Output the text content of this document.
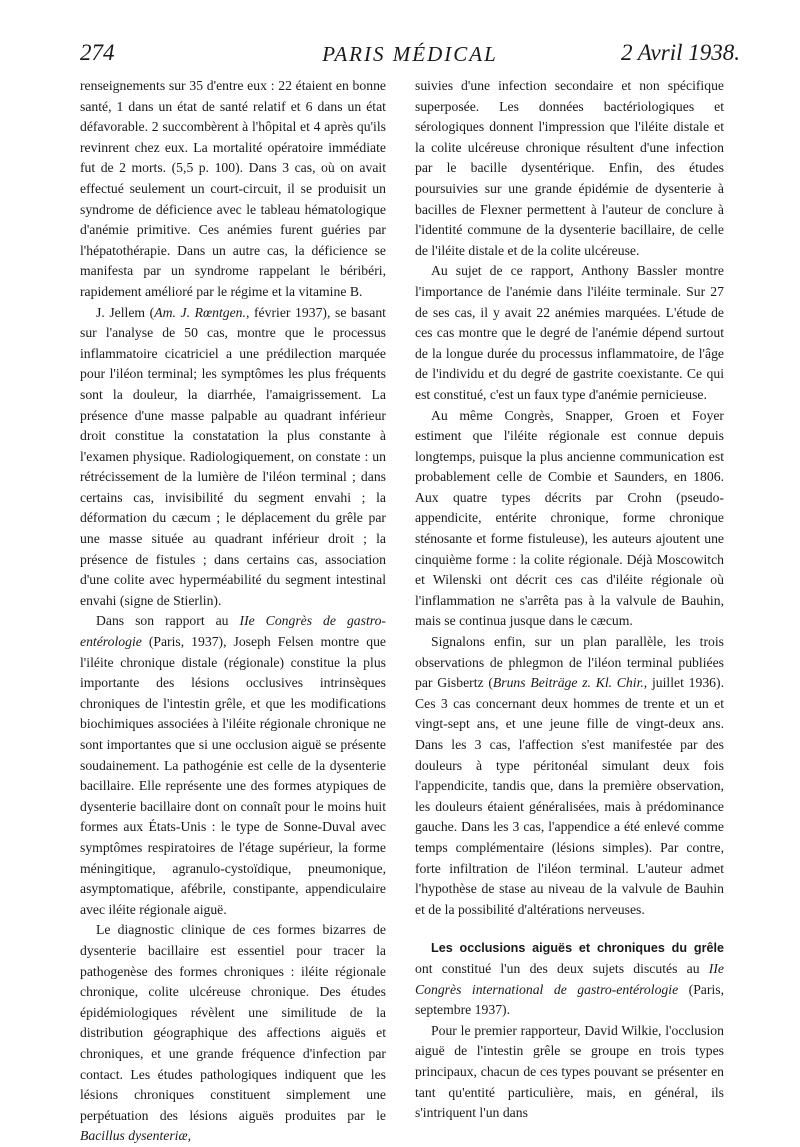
274	PARIS MÉDICAL	2 Avril 1938.

renseignements sur 35 d'entre eux : 22 étaient en bonne santé, 1 dans un état de santé relatif et 6 dans un état défavorable. 2 succombèrent à l'hôpital et 4 après qu'ils revinrent chez eux. La mortalité opératoire immédiate fut de 2 morts. (5,5 p. 100). Dans 3 cas, où on avait effectué seulement un court-circuit, il se produisit un syndrome de déficience avec le tableau hématologique d'anémie primitive. Ces anémies furent guéries par l'hépatothérapie. Dans un autre cas, la déficience se manifesta par un syndrome rappelant le béribéri, rapidement amélioré par le régime et la vitamine B.

J. Jellem (Am. J. Rœntgen., février 1937), se basant sur l'analyse de 50 cas, montre que le processus inflammatoire cicatriciel a une prédilection marquée pour l'iléon terminal; les symptômes les plus fréquents sont la douleur, la diarrhée, l'amaigrissement. La présence d'une masse palpable au quadrant inférieur droit constitue la constatation la plus constante à l'examen physique. Radiologiquement, on constate : un rétrécissement de la lumière de l'iléon terminal ; dans certains cas, invisibilité du segment envahi ; la déformation du cæcum ; le déplacement du grêle par une masse située au quadrant inférieur droit ; la présence de fistules ; dans certains cas, association d'une colite avec hyperméabilité du segment intestinal envahi (signe de Stierlin).

Dans son rapport au IIe Congrès de gastro-entérologie (Paris, 1937), Joseph Felsen montre que l'iléite chronique distale (régionale) constitue la plus importante des lésions occlusives intrinsèques chroniques de l'intestin grêle, et que les modifications biochimiques associées à l'iléite régionale chronique ne sont importantes que si une occlusion aiguë se présente soudainement. La pathogénie est celle de la dysenterie bacillaire. Elle représente une des formes atypiques de dysenterie bacillaire dont on connaît pour le moins huit formes aux États-Unis : le type de Sonne-Duval avec symptômes respiratoires de l'étage supérieur, la forme méningitique, agranulo-cystoïdique, pneumonique, asymptomatique, afébrile, constipante, appendiculaire avec iléite régionale aiguë.

Le diagnostic clinique de ces formes bizarres de dysenterie bacillaire est essentiel pour tracer la pathogenèse des formes chroniques : iléite régionale chronique, colite ulcéreuse chronique. Des études épidémiologiques révèlent une similitude de la distribution géographique des affections aiguës et chroniques, et une grande fréquence d'infection par contact. Les études pathologiques indiquent que les lésions chroniques constituent simplement une perpétuation des lésions aiguës produites par le Bacillus dysenteriæ,

suivies d'une infection secondaire et non spécifique superposée. Les données bactériologiques et sérologiques donnent l'impression que l'iléite distale et la colite ulcéreuse chronique résultent d'une infection par le bacille dysentérique. Enfin, des études poursuivies sur une grande épidémie de dysenterie à bacilles de Flexner permettent à l'auteur de conclure à l'identité commune de la dysenterie bacillaire, de celle de l'iléite distale et de la colite ulcéreuse.

Au sujet de ce rapport, Anthony Bassler montre l'importance de l'anémie dans l'iléite terminale. Sur 27 de ses cas, il y avait 22 anémies marquées. L'étude de ces cas montre que le degré de l'anémie dépend surtout de la longue durée du processus inflammatoire, de l'âge de l'individu et du degré de gastrite coexistante. Ce qui est constitué, c'est un faux type d'anémie pernicieuse.

Au même Congrès, Snapper, Groen et Foyer estiment que l'iléite régionale est connue depuis longtemps, puisque la plus ancienne communication est probablement celle de Combie et Saunders, en 1806. Aux quatre types décrits par Crohn (pseudo-appendicite, entérite chronique, forme chronique sténosante et forme fistuleuse), les auteurs ajoutent une cinquième forme : la colite régionale. Déjà Moscowitch et Wilenski ont décrit ces cas d'iléite régionale où l'inflammation ne s'arrêta pas à la valvule de Bauhin, mais se continua jusque dans le cæcum.

Signalons enfin, sur un plan parallèle, les trois observations de phlegmon de l'iléon terminal publiées par Gisbertz (Bruns Beiträge z. Kl. Chir., juillet 1936). Ces 3 cas concernant deux hommes de trente et un et vingt-sept ans, et une jeune fille de vingt-deux ans. Dans les 3 cas, l'affection s'est manifestée par des douleurs à type péritonéal simulant deux fois l'appendicite, tandis que, dans la première observation, les douleurs étaient généralisées, mais à prédominance gauche. Dans les 3 cas, l'appendice a été enlevé comme temps complémentaire (lésions simples). Par contre, forte infiltration de l'iléon terminal. L'auteur admet l'hypothèse de stase au niveau de la valvule de Bauhin et de la possibilité d'altérations nerveuses.

Les occlusions aiguës et chroniques du grêle ont constitué l'un des deux sujets discutés au IIe Congrès international de gastro-entérologie (Paris, septembre 1937).

Pour le premier rapporteur, David Wilkie, l'occlusion aiguë de l'intestin grêle se groupe en trois types principaux, chacun de ces types pouvant se présenter en tant qu'entité particulière, mais, en général, ils s'intriquent l'un dans
